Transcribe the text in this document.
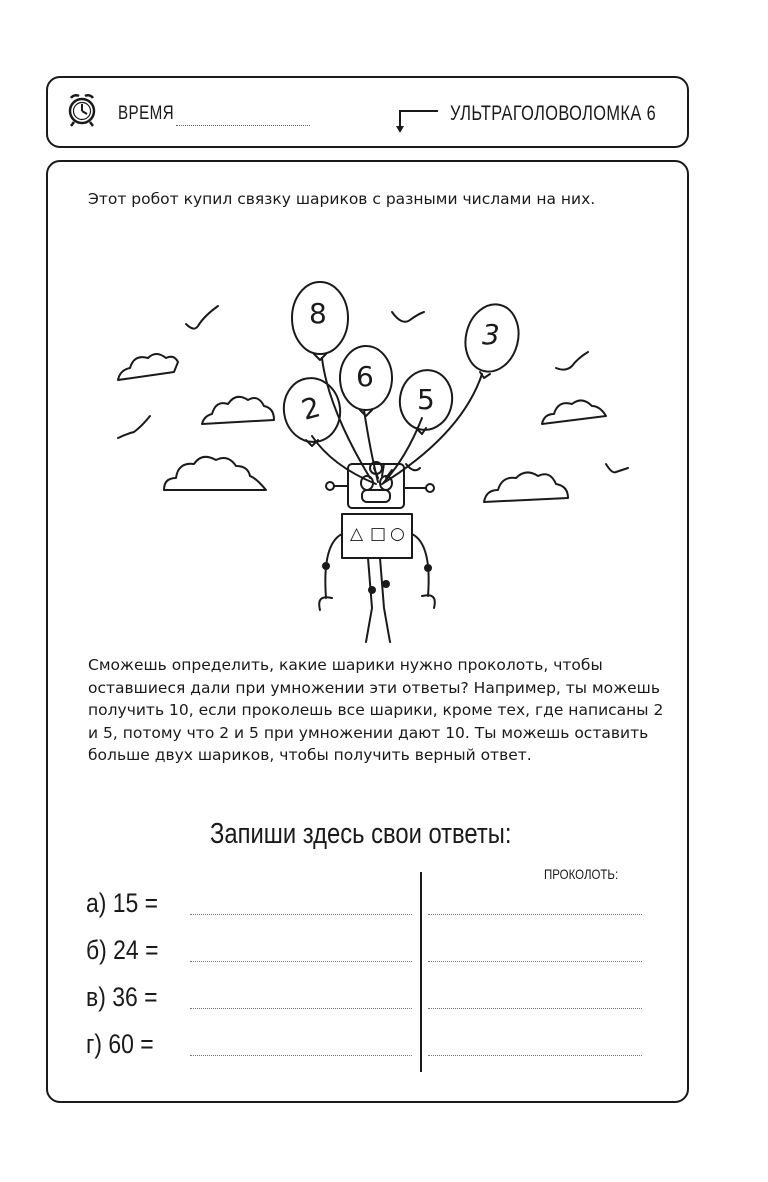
ВРЕМЯ	УЛЬТРАГОЛОВОЛОМКА 6
Этот робот купил связку шариков с разными числами на них.
8
3
6
2	5
△ □ ○
Сможешь определить, какие шарики нужно проколоть, чтобы оставшиеся дали при умножении эти ответы? Например, ты можешь получить 10, если проколешь все шарики, кроме тех, где написаны 2 и 5, потому что 2 и 5 при умножении дают 10. Ты можешь оставить больше двух шариков, чтобы получить верный ответ.
Запиши здесь свои ответы:
ПРОКОЛОТЬ:
а) 15 =
б) 24 =
в) 36 =
г) 60 =
